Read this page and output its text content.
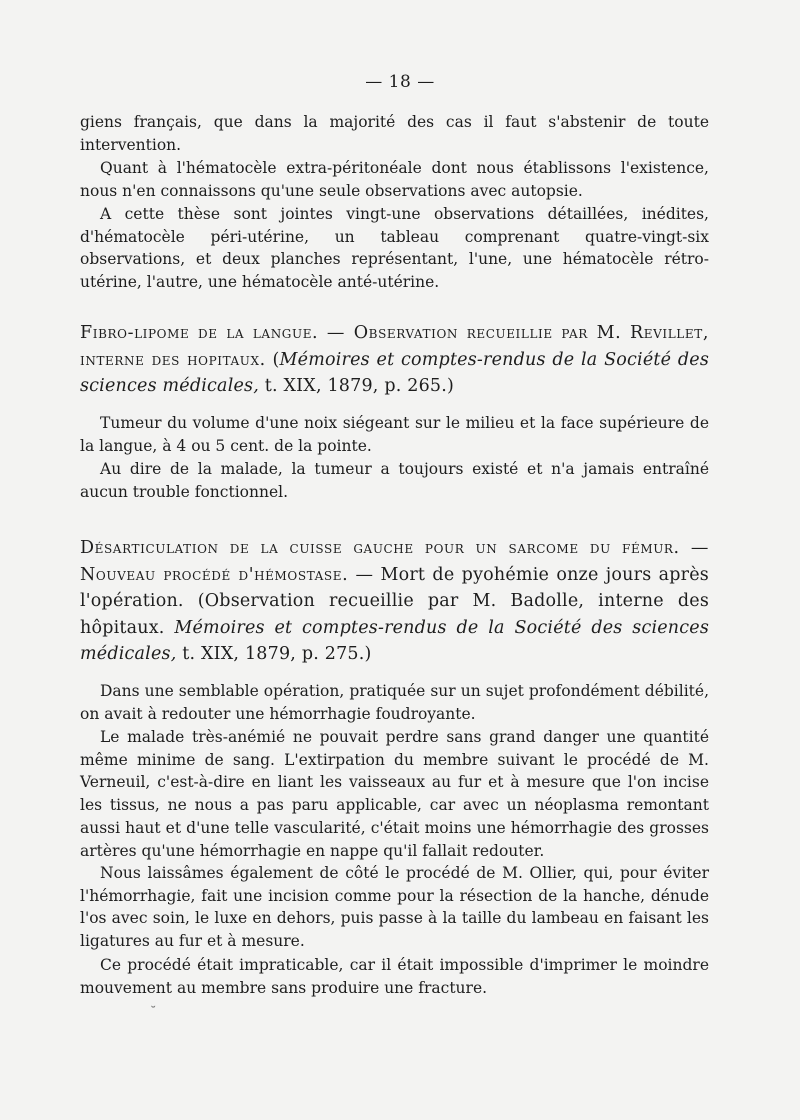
— 18 —

giens français, que dans la majorité des cas il faut s'abstenir de toute intervention.

Quant à l'hématocèle extra-péritonéale dont nous établissons l'existence, nous n'en connaissons qu'une seule observations avec autopsie.

A cette thèse sont jointes vingt-une observations détaillées, inédites, d'hématocèle péri-utérine, un tableau comprenant quatre-vingt-six observations, et deux planches représentant, l'une, une hématocèle rétro-utérine, l'autre, une hématocèle anté-utérine.

Fibro-lipome de la langue. — Observation recueillie par M. Revillet, interne des hopitaux. (Mémoires et comptes-rendus de la Société des sciences médicales, t. XIX, 1879, p. 265.)

Tumeur du volume d'une noix siégeant sur le milieu et la face supérieure de la langue, à 4 ou 5 cent. de la pointe.

Au dire de la malade, la tumeur a toujours existé et n'a jamais entraîné aucun trouble fonctionnel.

Désarticulation de la cuisse gauche pour un sarcome du fémur. — Nouveau procédé d'hémostase. — Mort de pyohémie onze jours après l'opération. (Observation recueillie par M. Badolle, interne des hôpitaux. Mémoires et comptes-rendus de la Société des sciences médicales, t. XIX, 1879, p. 275.)

Dans une semblable opération, pratiquée sur un sujet profondément débilité, on avait à redouter une hémorrhagie foudroyante.

Le malade très-anémié ne pouvait perdre sans grand danger une quantité même minime de sang. L'extirpation du membre suivant le procédé de M. Verneuil, c'est-à-dire en liant les vaisseaux au fur et à mesure que l'on incise les tissus, ne nous a pas paru applicable, car avec un néoplasma remontant aussi haut et d'une telle vascularité, c'était moins une hémorrhagie des grosses artères qu'une hémorrhagie en nappe qu'il fallait redouter.

Nous laissâmes également de côté le procédé de M. Ollier, qui, pour éviter l'hémorrhagie, fait une incision comme pour la résection de la hanche, dénude l'os avec soin, le luxe en dehors, puis passe à la taille du lambeau en faisant les ligatures au fur et à mesure.

Ce procédé était impraticable, car il était impossible d'imprimer le moindre mouvement au membre sans produire une fracture.

˘
